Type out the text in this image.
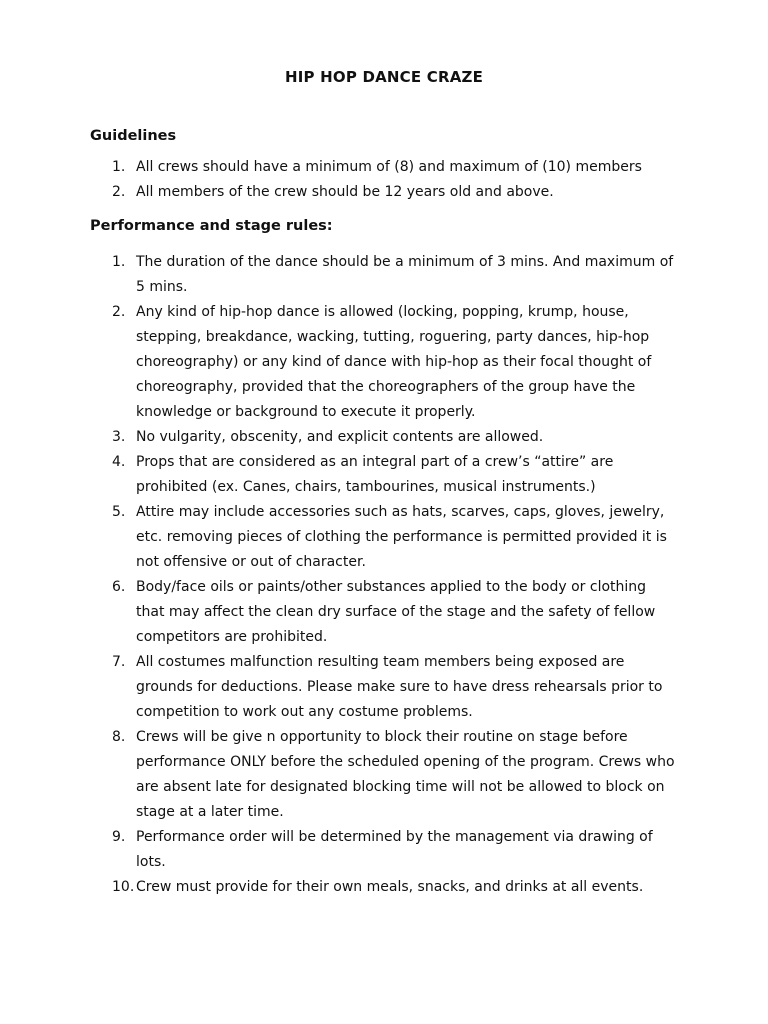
HIP HOP DANCE CRAZE
Guidelines
1. All crews should have a minimum of (8) and maximum of (10) members
2. All members of the crew should be 12 years old and above.
Performance and stage rules:
1. The duration of the dance should be a minimum of 3 mins. And maximum of 5 mins.
2. Any kind of hip-hop dance is allowed (locking, popping, krump, house, stepping, breakdance, wacking, tutting, roguering, party dances, hip-hop choreography) or any kind of dance with hip-hop as their focal thought of choreography, provided that the choreographers of the group have the knowledge or background to execute it properly.
3. No vulgarity, obscenity, and explicit contents are allowed.
4. Props that are considered as an integral part of a crew’s “attire” are prohibited (ex. Canes, chairs, tambourines, musical instruments.)
5. Attire may include accessories such as hats, scarves, caps, gloves, jewelry, etc. removing pieces of clothing the performance is permitted provided it is not offensive or out of character.
6. Body/face oils or paints/other substances applied to the body or clothing that may affect the clean dry surface of the stage and the safety of fellow competitors are prohibited.
7. All costumes malfunction resulting team members being exposed are grounds for deductions. Please make sure to have dress rehearsals prior to competition to work out any costume problems.
8. Crews will be give n opportunity to block their routine on stage before performance ONLY before the scheduled opening of the program. Crews who are absent late for designated blocking time will not be allowed to block on stage at a later time.
9. Performance order will be determined by the management via drawing of lots.
10. Crew must provide for their own meals, snacks, and drinks at all events.
